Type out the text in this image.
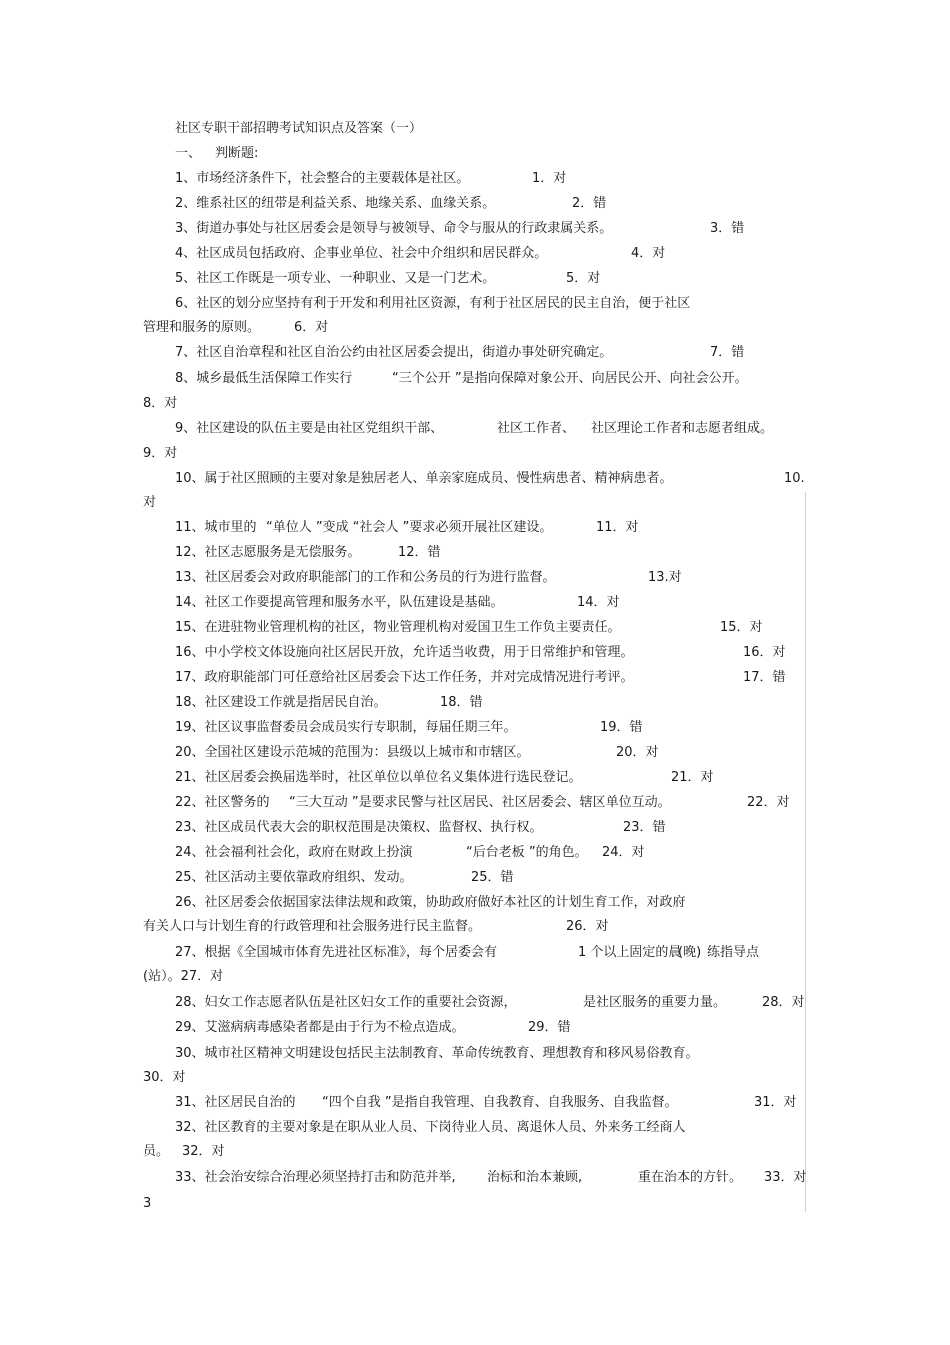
社区专职干部招聘考试知识点及答案（一）
一、 判断题:
1、市场经济条件下，社会整合的主要载体是社区。	1．对
2、维系社区的纽带是利益关系、地缘关系、血缘关系。	2．错
3、街道办事处与社区居委会是领导与被领导、命令与服从的行政隶属关系。	3．错
4、社区成员包括政府、企事业单位、社会中介组织和居民群众。	4．对
5、社区工作既是一项专业、一种职业、又是一门艺术。	5．对
6、社区的划分应坚持有利于开发和利用社区资源，有利于社区居民的民主自治，便于社区
管理和服务的原则。	6．对
7、社区自治章程和社区自治公约由社区居委会提出，街道办事处研究确定。	7．错
8、城乡最低生活保障工作实行	“三个公开 ”是指向保障对象公开、向居民公开、向社会公开。
8．对
9、社区建设的队伍主要是由社区党组织干部、	社区工作者、 社区理论工作者和志愿者组成。
9．对
10、属于社区照顾的主要对象是独居老人、单亲家庭成员、慢性病患者、精神病患者。	10.
对
11、城市里的 “单位人 ”变成 “社会人 ”要求必须开展社区建设。	11．对
12、社区志愿服务是无偿服务。	12．错
13、社区居委会对政府职能部门的工作和公务员的行为进行监督。	13.对
14、社区工作要提高管理和服务水平，队伍建设是基础。	14．对
15、在进驻物业管理机构的社区，物业管理机构对爱国卫生工作负主要责任。	15．对
16、中小学校文体设施向社区居民开放，允许适当收费，用于日常维护和管理。	16．对
17、政府职能部门可任意给社区居委会下达工作任务，并对完成情况进行考评。	17．错
18、社区建设工作就是指居民自治。	18．错
19、社区议事监督委员会成员实行专职制，每届任期三年。	19．错
20、全国社区建设示范城的范围为：县级以上城市和市辖区。	20．对
21、社区居委会换届选举时，社区单位以单位名义集体进行选民登记。	21．对
22、社区警务的 “三大互动 ”是要求民警与社区居民、社区居委会、辖区单位互动。	22．对
23、社区成员代表大会的职权范围是决策权、监督权、执行权。	23．错
24、社会福利社会化，政府在财政上扮演	“后台老板 ”的角色。 24．对
25、社区活动主要依靠政府组织、发动。	25．错
26、社区居委会依据国家法律法规和政策，协助政府做好本社区的计划生育工作，对政府
有关人口与计划生育的行政管理和社会服务进行民主监督。	26．对
27、根据《全国城市体育先进社区标准》，每个居委会有	1 个以上固定的晨
(晚) 练指导点
(站）。27．对
28、妇女工作志愿者队伍是社区妇女工作的重要社会资源，	是社区服务的重要力量。	28．对
29、艾滋病病毒感染者都是由于行为不检点造成。	29．错
30、城市社区精神文明建设包括民主法制教育、革命传统教育、理想教育和移风易俗教育。
30．对
31、社区居民自治的 “四个自我 ”是指自我管理、自我教育、自我服务、自我监督。	31．对
32、社区教育的主要对象是在职从业人员、下岗待业人员、离退休人员、外来务工经商人
员。 32．对
33、社会治安综合治理必须坚持打击和防范并举, 治标和治本兼顾,	重在治本的方针。 33．对
3
